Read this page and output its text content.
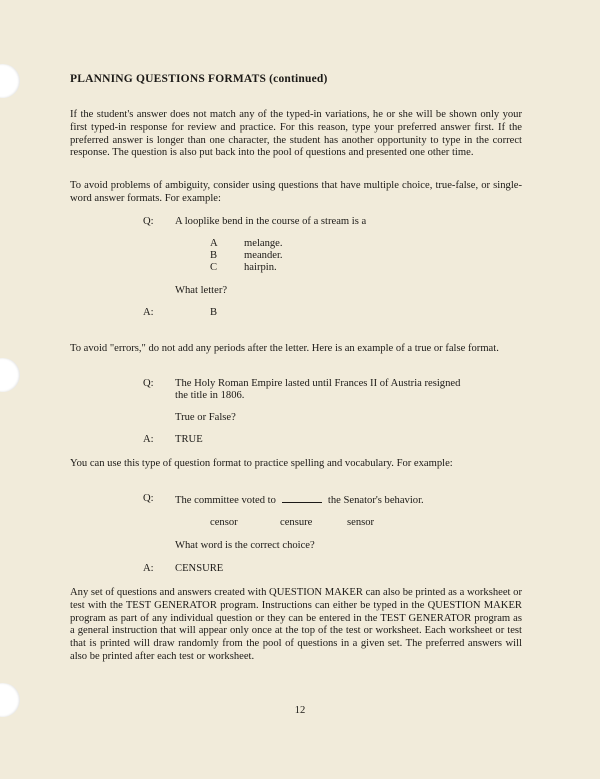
PLANNING QUESTIONS FORMATS (continued)

If the student's answer does not match any of the typed-in variations, he or she will be shown only your first typed-in response for review and practice. For this reason, type your preferred answer first. If the preferred answer is longer than one character, the student has another opportunity to type in the correct response. The question is also put back into the pool of questions and presented one other time.

To avoid problems of ambiguity, consider using questions that have multiple choice, true-false, or single-word answer formats. For example:

Q: A looplike bend in the course of a stream is a
A melange.
B	meander.
C	hairpin.
What letter?
A:	B

To avoid "errors," do not add any periods after the letter. Here is an example of a true or false format.

Q: The Holy Roman Empire lasted until Frances II of Austria resigned
the title in 1806.
True or False?
A: TRUE

You can use this type of question format to practice spelling and vocabulary. For example:

Q: The committee voted to	the Senator's behavior.
censor	censure	sensor
What word is the correct choice?
A: CENSURE

Any set of questions and answers created with QUESTION MAKER can also be printed as a worksheet or test with the TEST GENERATOR program. Instructions can either be typed in the QUESTION MAKER program as part of any individual question or they can be entered in the TEST GENERATOR program as a general instruction that will appear only once at the top of the test or worksheet. Each worksheet or test that is printed will draw randomly from the pool of questions in a given set. The preferred answers will also be printed after each test or worksheet.

12
